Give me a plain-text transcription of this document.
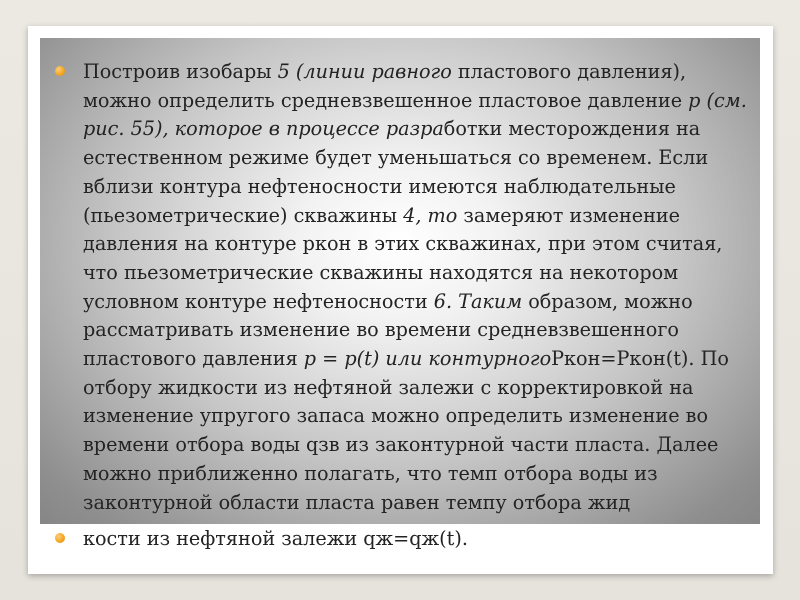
Построив изобары 5 (линии равного пластового давления),
можно определить средневзвешенное пластовое давление р (см.
рис. 55), которое в процессе разработки месторождения на
естественном режиме будет уменьшаться со временем. Если
вблизи контура нефтеносности имеются наблюдательные
(пьезометрические) скважины 4, то замеряют изменение
давления на контуре ркон в этих скважинах, при этом считая,
что пьезометрические скважины находятся на некотором
условном контуре нефтеносности 6. Таким образом, можно
рассматривать изменение во времени средневзвешенного
пластового давления р = р(t) или контурногоРкон=Ркон(t). По
отбору жидкости из нефтяной залежи с корректировкой на
изменение упругого запаса можно определить изменение во
времени отбора воды qзв из законтурной части пласта. Далее
можно приближенно полагать, что темп отбора воды из
законтурной области пласта равен темпу отбора жид
кости из нефтяной залежи qж=qж(t).
